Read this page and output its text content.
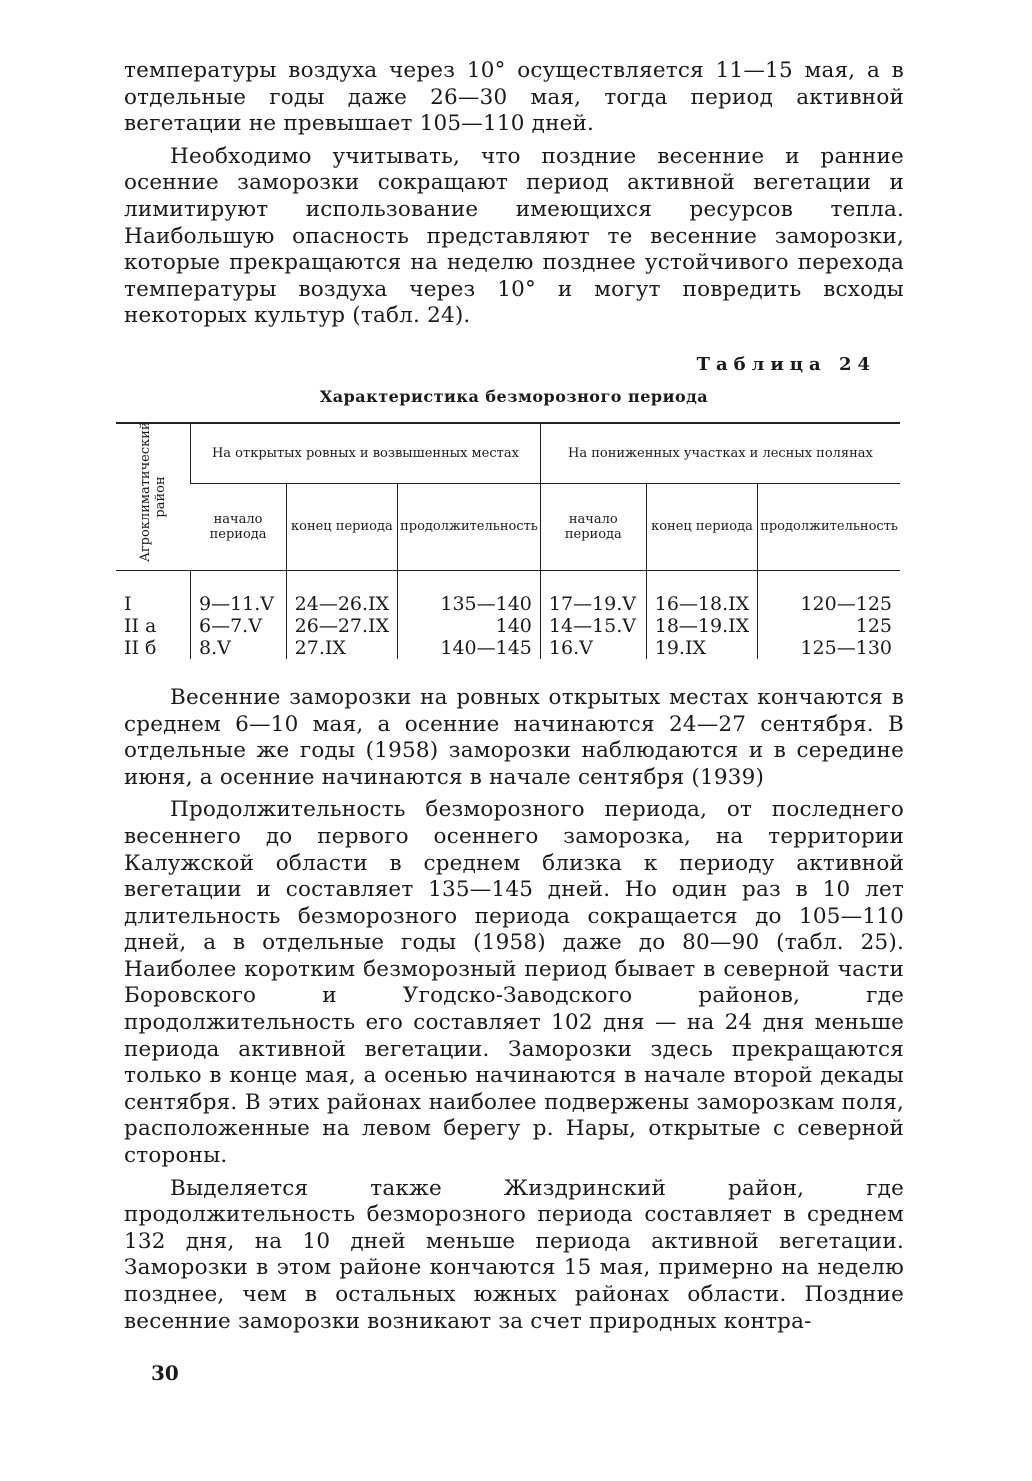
температуры воздуха через 10° осуществляется 11—15 мая, а в отдельные годы даже 26—30 мая, тогда период активной вегетации не превышает 105—110 дней.

Необходимо учитывать, что поздние весенние и ранние осенние заморозки сокращают период активной вегетации и лимитируют использование имеющихся ресурсов тепла. Наибольшую опасность представляют те весенние заморозки, которые прекращаются на неделю позднее устойчивого перехода температуры воздуха через 10° и могут повредить всходы некоторых культур (табл. 24).

Таблица 24
Характеристика безморозного периода
Агроклиматический район	На открытых ровных и возвышенных местах			На пониженных участках и лесных полянах		
	начало периода	конец периода	продолжительность	начало периода	конец периода	продолжительность
I	9—11.V	24—26.IX	135—140	17—19.V	16—18.IX	120—125
II а	6—7.V	26—27.IX	140	14—15.V	18—19.IX	125
II б	8.V	27.IX	140—145	16.V	19.IX	125—130

Весенние заморозки на ровных открытых местах кончаются в среднем 6—10 мая, а осенние начинаются 24—27 сентября. В отдельные же годы (1958) заморозки наблюдаются и в середине июня, а осенние начинаются в начале сентября (1939)

Продолжительность безморозного периода, от последнего весеннего до первого осеннего заморозка, на территории Калужской области в среднем близка к периоду активной вегетации и составляет 135—145 дней. Но один раз в 10 лет длительность безморозного периода сокращается до 105—110 дней, а в отдельные годы (1958) даже до 80—90 (табл. 25). Наиболее коротким безморозный период бывает в северной части Боровского и Угодско-Заводского районов, где продолжительность его составляет 102 дня — на 24 дня меньше периода активной вегетации. Заморозки здесь прекращаются только в конце мая, а осенью начинаются в начале второй декады сентября. В этих районах наиболее подвержены заморозкам поля, расположенные на левом берегу р. Нары, открытые с северной стороны.

Выделяется также Жиздринский район, где продолжительность безморозного периода составляет в среднем 132 дня, на 10 дней меньше периода активной вегетации. Заморозки в этом районе кончаются 15 мая, примерно на неделю позднее, чем в остальных южных районах области. Поздние весенние заморозки возникают за счет природных контра-

30
